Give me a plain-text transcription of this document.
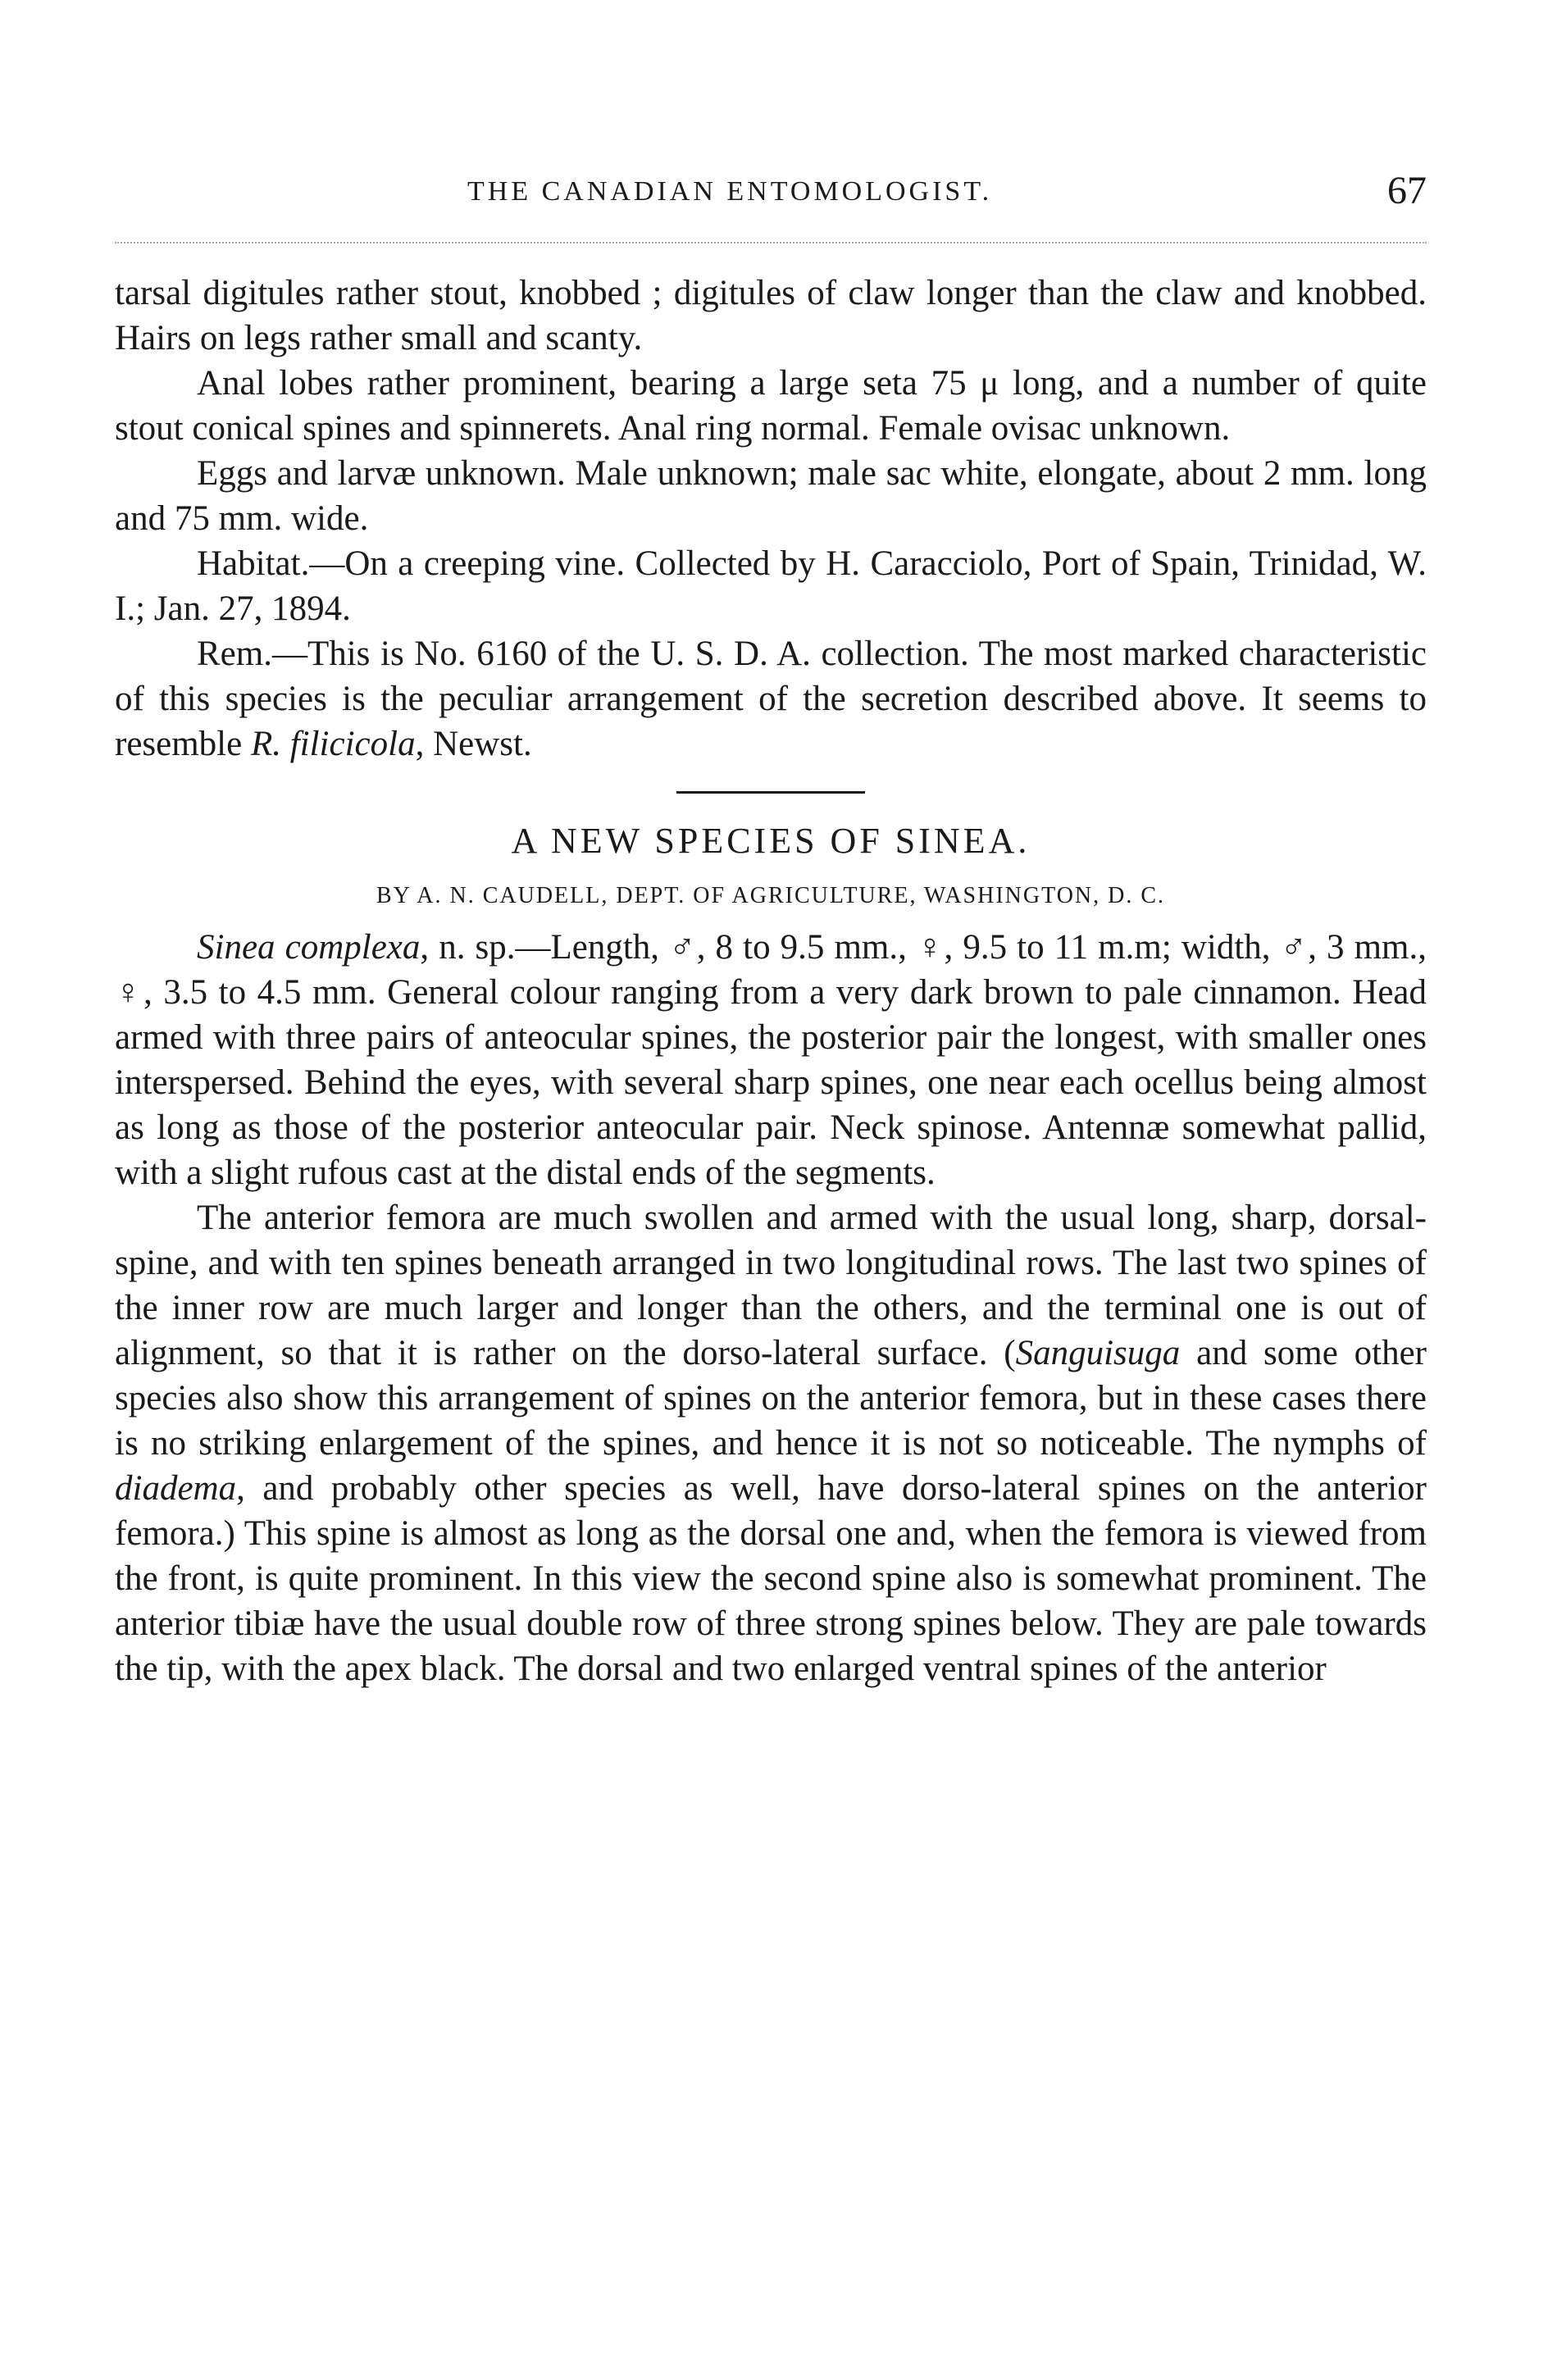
THE CANADIAN ENTOMOLOGIST.	67

tarsal digitules rather stout, knobbed ; digitules of claw longer than the claw and knobbed. Hairs on legs rather small and scanty.

Anal lobes rather prominent, bearing a large seta 75 μ long, and a number of quite stout conical spines and spinnerets. Anal ring normal. Female ovisac unknown.

Eggs and larvæ unknown. Male unknown; male sac white, elongate, about 2 mm. long and 75 mm. wide.

Habitat.—On a creeping vine. Collected by H. Caracciolo, Port of Spain, Trinidad, W. I.; Jan. 27, 1894.

Rem.—This is No. 6160 of the U. S. D. A. collection. The most marked characteristic of this species is the peculiar arrangement of the secretion described above. It seems to resemble R. filicicola, Newst.

A NEW SPECIES OF SINEA.
BY A. N. CAUDELL, DEPT. OF AGRICULTURE, WASHINGTON, D. C.

Sinea complexa, n. sp.—Length, ♂, 8 to 9.5 mm., ♀, 9.5 to 11 m.m; width, ♂, 3 mm., ♀, 3.5 to 4.5 mm. General colour ranging from a very dark brown to pale cinnamon. Head armed with three pairs of anteocular spines, the posterior pair the longest, with smaller ones interspersed. Behind the eyes, with several sharp spines, one near each ocellus being almost as long as those of the posterior anteocular pair. Neck spinose. Antennæ somewhat pallid, with a slight rufous cast at the distal ends of the segments.

The anterior femora are much swollen and armed with the usual long, sharp, dorsal-spine, and with ten spines beneath arranged in two longitudinal rows. The last two spines of the inner row are much larger and longer than the others, and the terminal one is out of alignment, so that it is rather on the dorso-lateral surface. (Sanguisuga and some other species also show this arrangement of spines on the anterior femora, but in these cases there is no striking enlargement of the spines, and hence it is not so noticeable. The nymphs of diadema, and probably other species as well, have dorso-lateral spines on the anterior femora.) This spine is almost as long as the dorsal one and, when the femora is viewed from the front, is quite prominent. In this view the second spine also is somewhat prominent. The anterior tibiæ have the usual double row of three strong spines below. They are pale towards the tip, with the apex black. The dorsal and two enlarged ventral spines of the anterior
